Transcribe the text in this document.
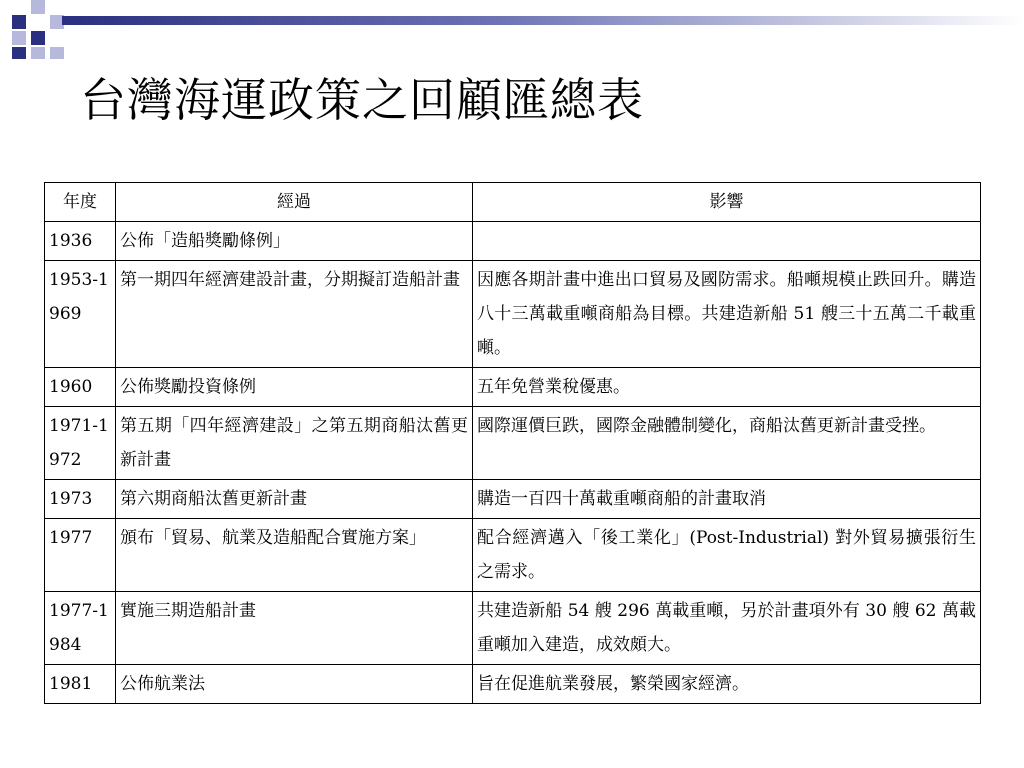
台灣海運政策之回顧匯總表
年度	經過	影響
1936	公佈「造船獎勵條例」	
1953-1969	第一期四年經濟建設計畫，分期擬訂造船計畫	因應各期計畫中進出口貿易及國防需求。船噸規模止跌回升。購造八十三萬載重噸商船為目標。共建造新船 51 艘三十五萬二千載重噸。
1960	公佈獎勵投資條例	五年免營業稅優惠。
1971-1972	第五期「四年經濟建設」之第五期商船汰舊更新計畫	國際運價巨跌，國際金融體制變化，商船汰舊更新計畫受挫。
1973	第六期商船汰舊更新計畫	購造一百四十萬載重噸商船的計畫取消
1977	頒布「貿易、航業及造船配合實施方案」	配合經濟邁入「後工業化」(Post-Industrial) 對外貿易擴張衍生之需求。
1977-1984	實施三期造船計畫	共建造新船 54 艘 296 萬載重噸，另於計畫項外有 30 艘 62 萬載重噸加入建造，成效頗大。
1981	公佈航業法	旨在促進航業發展，繁榮國家經濟。
